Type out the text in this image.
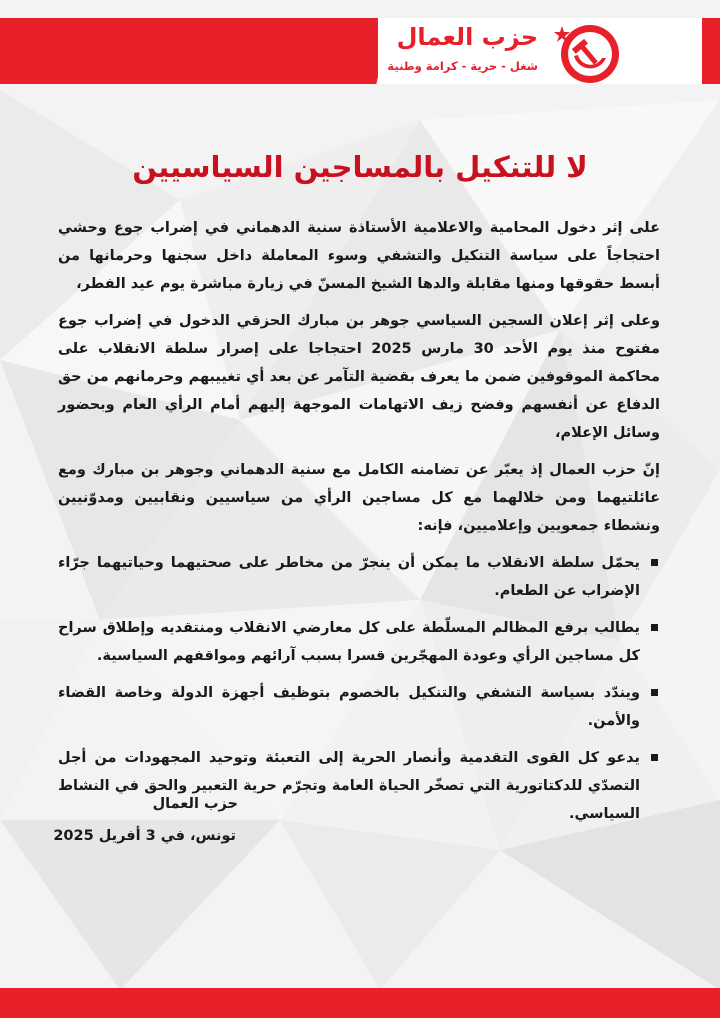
حزب العمال
شغل - حرية - كرامة وطنية
لا للتنكيل بالمساجين السياسيين

على إثر دخول المحامية والاعلامية الأستاذة سنية الدهماني في إضراب جوع وحشي احتجاجاً على سياسة التنكيل والتشفي وسوء المعاملة داخل سجنها وحرمانها من أبسط حقوقها ومنها مقابلة والدها الشيخ المسنّ في زيارة مباشرة يوم عيد الفطر،

وعلى إثر إعلان السجين السياسي جوهر بن مبارك الحزقي الدخول في إضراب جوع مفتوح منذ يوم الأحد 30 مارس 2025 احتجاجا على إصرار سلطة الانقلاب على محاكمة الموقوفين ضمن ما يعرف بقضية التآمر عن بعد أي تغييبهم وحرمانهم من حق الدفاع عن أنفسهم وفضح زيف الاتهامات الموجهة إليهم أمام الرأي العام وبحضور وسائل الإعلام،

إنّ حزب العمال إذ يعبّر عن تضامنه الكامل مع سنية الدهماني وجوهر بن مبارك ومع عائلتيهما ومن خلالهما مع كل مساجين الرأي من سياسيين ونقابيين ومدوّنيين ونشطاء جمعويين وإعلاميين، فإنه:

يحمّل سلطة الانقلاب ما يمكن أن ينجرّ من مخاطر على صحتيهما وحياتيهما جرّاء الإضراب عن الطعام.
يطالب برفع المظالم المسلّطة على كل معارضي الانقلاب ومنتقديه وإطلاق سراح كل مساجين الرأي وعودة المهجّرين قسرا بسبب آرائهم ومواقفهم السياسية.
ويندّد بسياسة التشفي والتنكيل بالخصوم بتوظيف أجهزة الدولة وخاصة القضاء والأمن.
يدعو كل القوى التقدمية وأنصار الحرية إلى التعبئة وتوحيد المجهودات من أجل التصدّي للدكتاتورية التي تصخّر الحياة العامة وتجرّم حرية التعبير والحق في النشاط السياسي.
حزب العمال
تونس، في 3 أفريل 2025
